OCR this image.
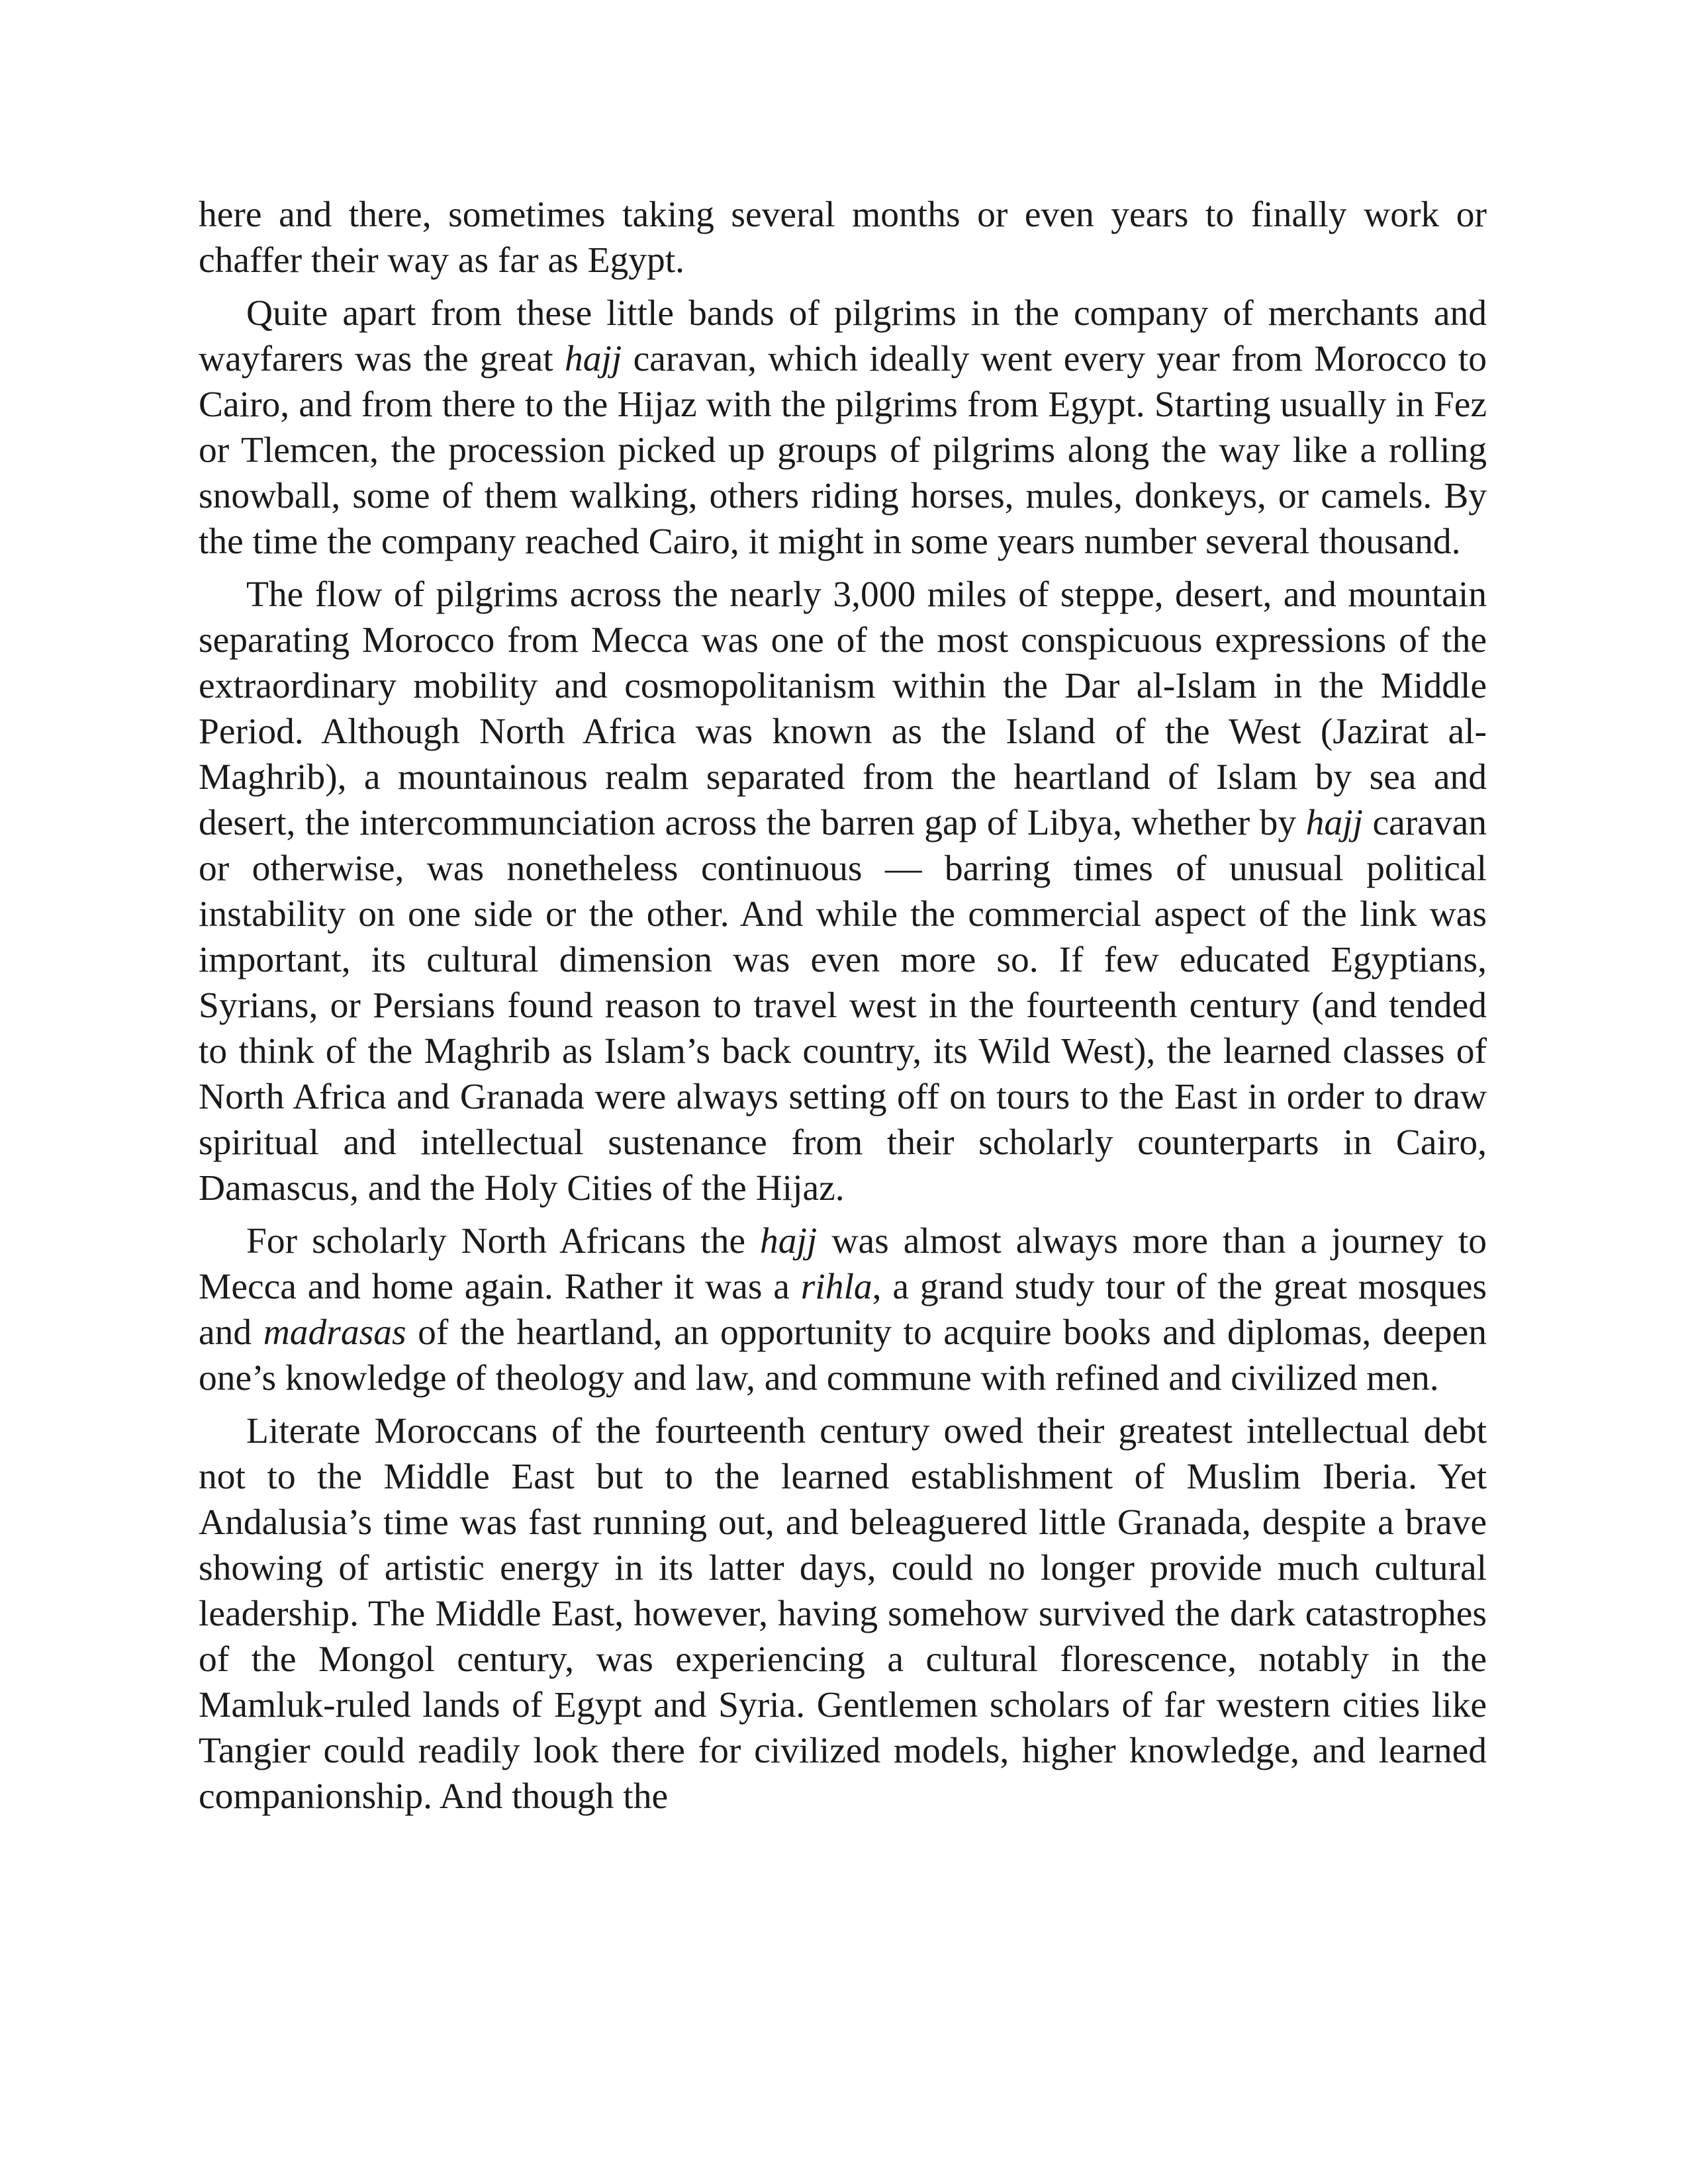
here and there, sometimes taking several months or even years to finally work or chaffer their way as far as Egypt.

Quite apart from these little bands of pilgrims in the company of merchants and wayfarers was the great hajj caravan, which ideally went every year from Morocco to Cairo, and from there to the Hijaz with the pilgrims from Egypt. Starting usually in Fez or Tlemcen, the procession picked up groups of pilgrims along the way like a rolling snowball, some of them walking, others riding horses, mules, donkeys, or camels. By the time the company reached Cairo, it might in some years number several thousand.

The flow of pilgrims across the nearly 3,000 miles of steppe, desert, and mountain separating Morocco from Mecca was one of the most conspicuous expressions of the extraordinary mobility and cosmopolitanism within the Dar al-Islam in the Middle Period. Although North Africa was known as the Island of the West (Jazirat al-Maghrib), a mountainous realm separated from the heartland of Islam by sea and desert, the intercommunciation across the barren gap of Libya, whether by hajj caravan or otherwise, was nonetheless continuous — barring times of unusual political instability on one side or the other. And while the commercial aspect of the link was important, its cultural dimension was even more so. If few educated Egyptians, Syrians, or Persians found reason to travel west in the fourteenth century (and tended to think of the Maghrib as Islam’s back country, its Wild West), the learned classes of North Africa and Granada were always setting off on tours to the East in order to draw spiritual and intellectual sustenance from their scholarly counterparts in Cairo, Damascus, and the Holy Cities of the Hijaz.

For scholarly North Africans the hajj was almost always more than a journey to Mecca and home again. Rather it was a rihla, a grand study tour of the great mosques and madrasas of the heartland, an opportunity to acquire books and diplomas, deepen one’s knowledge of theology and law, and commune with refined and civilized men.

Literate Moroccans of the fourteenth century owed their greatest intellectual debt not to the Middle East but to the learned establishment of Muslim Iberia. Yet Andalusia’s time was fast running out, and beleaguered little Granada, despite a brave showing of artistic energy in its latter days, could no longer provide much cultural leadership. The Middle East, however, having somehow survived the dark catastrophes of the Mongol century, was experiencing a cultural florescence, notably in the Mamluk-ruled lands of Egypt and Syria. Gentlemen scholars of far western cities like Tangier could readily look there for civilized models, higher knowledge, and learned companionship. And though the
